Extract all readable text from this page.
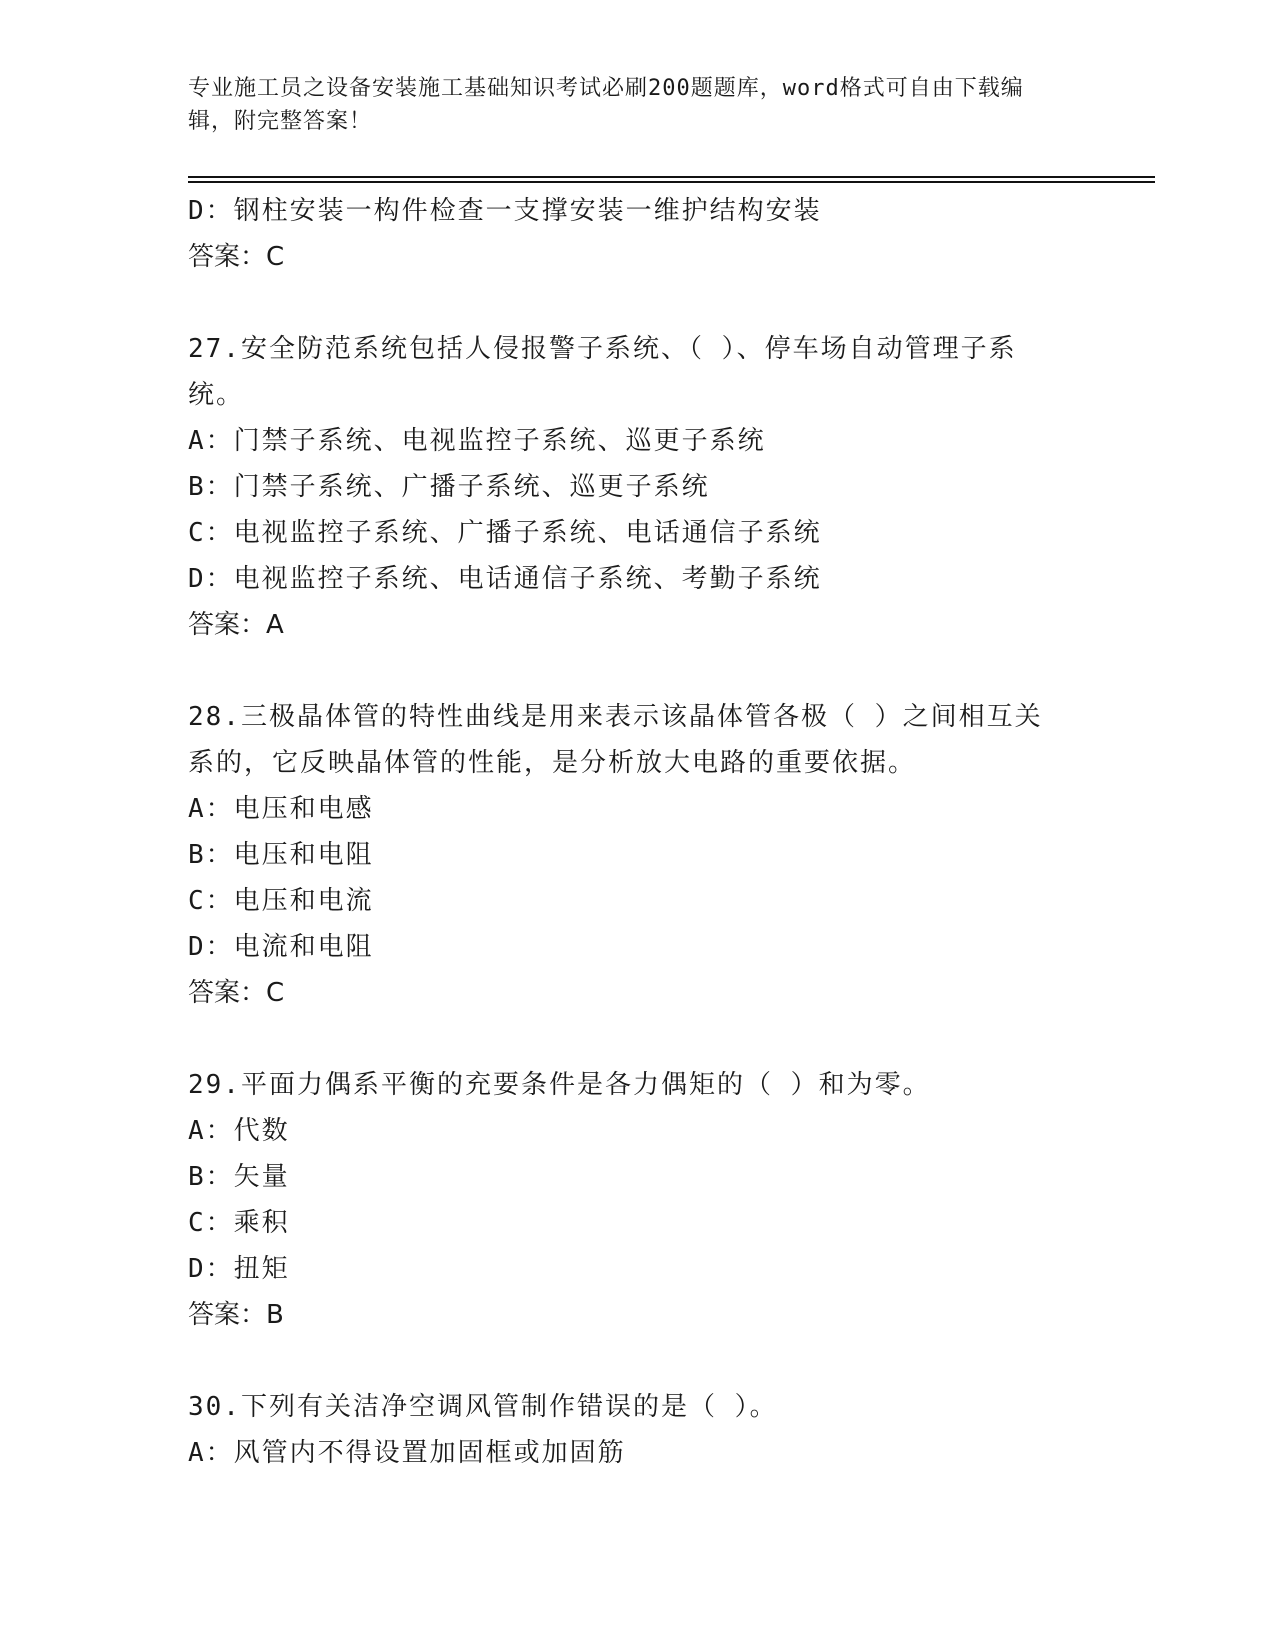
专业施工员之设备安装施工基础知识考试必刷200题题库，word格式可自由下载编辑，附完整答案！
D：钢柱安装一构件检查一支撑安装一维护结构安装
答案：C
27.安全防范系统包括人侵报警子系统、（ ）、停车场自动管理子系统。
A：门禁子系统、电视监控子系统、巡更子系统
B：门禁子系统、广播子系统、巡更子系统
C：电视监控子系统、广播子系统、电话通信子系统
D：电视监控子系统、电话通信子系统、考勤子系统
答案：A
28.三极晶体管的特性曲线是用来表示该晶体管各极（ ）之间相互关系的，它反映晶体管的性能，是分析放大电路的重要依据。
A：电压和电感
B：电压和电阻
C：电压和电流
D：电流和电阻
答案：C
29.平面力偶系平衡的充要条件是各力偶矩的（ ）和为零。
A：代数
B：矢量
C：乘积
D：扭矩
答案：B
30.下列有关洁净空调风管制作错误的是（ ）。
A：风管内不得设置加固框或加固筋
